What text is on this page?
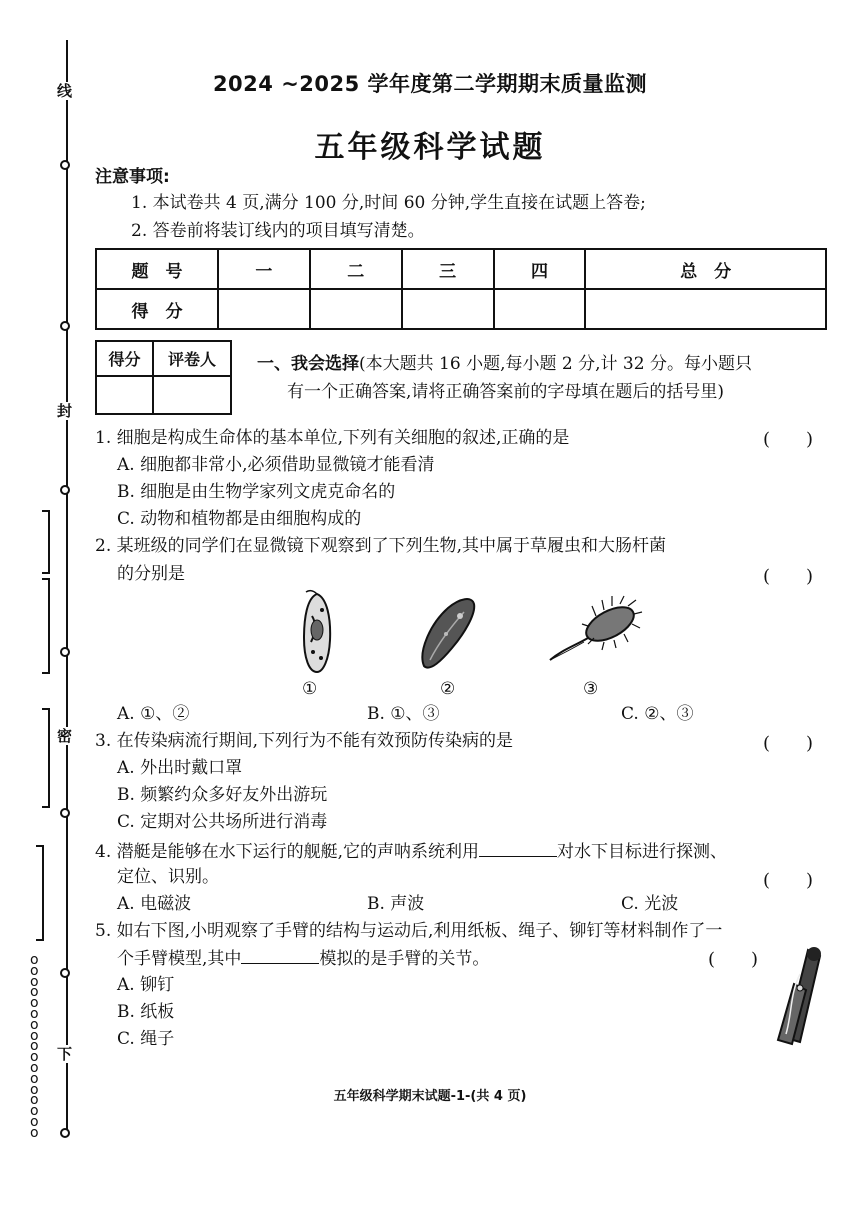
线
封
密
下
ooooooooooooooooo
2024 ~2025 学年度第二学期期末质量监测
五年级科学试题
注意事项:
1. 本试卷共 4 页,满分 100 分,时间 60 分钟,学生直接在试题上答卷;
2. 答卷前将装订线内的项目填写清楚。
题　号	一	二	三	四	总　分
得　分					
得分	评卷人
	一、我会选择(本大题共 16 小题,每小题 2 分,计 32 分。每小题只
有一个正确答案,请将正确答案前的字母填在题后的括号里)
1. 细胞是构成生命体的基本单位,下列有关细胞的叙述,正确的是	(　　)
A. 细胞都非常小,必须借助显微镜才能看清
B. 细胞是由生物学家列文虎克命名的
C. 动物和植物都是由细胞构成的
2. 某班级的同学们在显微镜下观察到了下列生物,其中属于草履虫和大肠杆菌
的分别是	(　　)
①	②	③
A. ①、②	B. ①、③	C. ②、③
3. 在传染病流行期间,下列行为不能有效预防传染病的是	(　　)
A. 外出时戴口罩
B. 频繁约众多好友外出游玩
C. 定期对公共场所进行消毒
4. 潜艇是能够在水下运行的舰艇,它的声呐系统利用	对水下目标进行探测、
定位、识别。	(　　)
A. 电磁波	B. 声波	C. 光波
5. 如右下图,小明观察了手臂的结构与运动后,利用纸板、绳子、铆钉等材料制作了一
个手臂模型,其中	模拟的是手臂的关节。	(　　)
A. 铆钉
B. 纸板
C. 绳子
五年级科学期末试题-1-(共 4 页)
